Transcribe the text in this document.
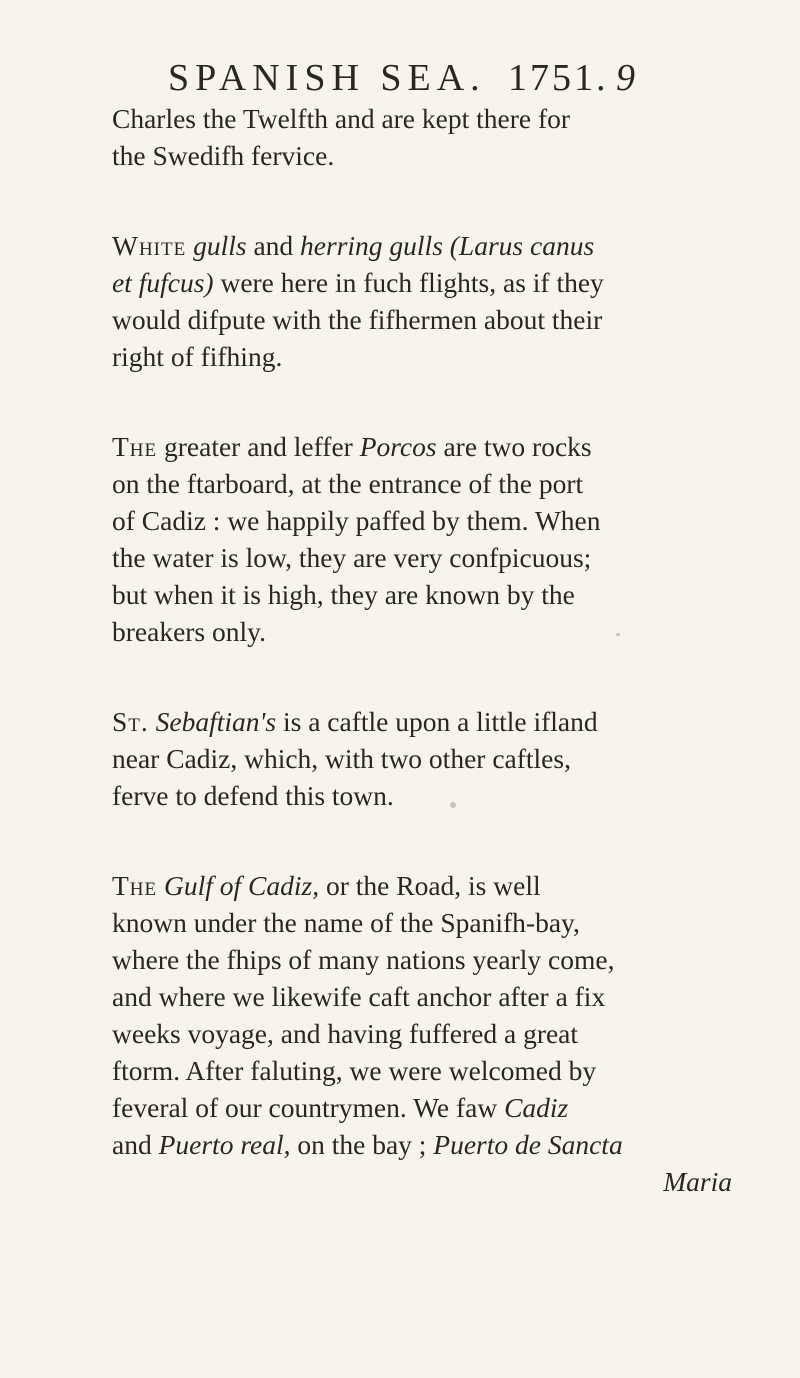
SPANISH SEA. 1751. 9
Charles the Twelfth and are kept there for
the Swedifh fervice.
White gulls and herring gulls (Larus canus
et fufcus) were here in fuch flights, as if they
would difpute with the fifhermen about their
right of fifhing.
The greater and leffer Porcos are two rocks
on the ftarboard, at the entrance of the port
of Cadiz : we happily paffed by them. When
the water is low, they are very confpicuous;
but when it is high, they are known by the
breakers only.
St. Sebaftian's is a caftle upon a little ifland
near Cadiz, which, with two other caftles,
ferve to defend this town.
The Gulf of Cadiz, or the Road, is well
known under the name of the Spanifh-bay,
where the fhips of many nations yearly come,
and where we likewife caft anchor after a fix
weeks voyage, and having fuffered a great
ftorm. After faluting, we were welcomed by
feveral of our countrymen. We faw Cadiz
and Puerto real, on the bay ; Puerto de Sancta
Maria
